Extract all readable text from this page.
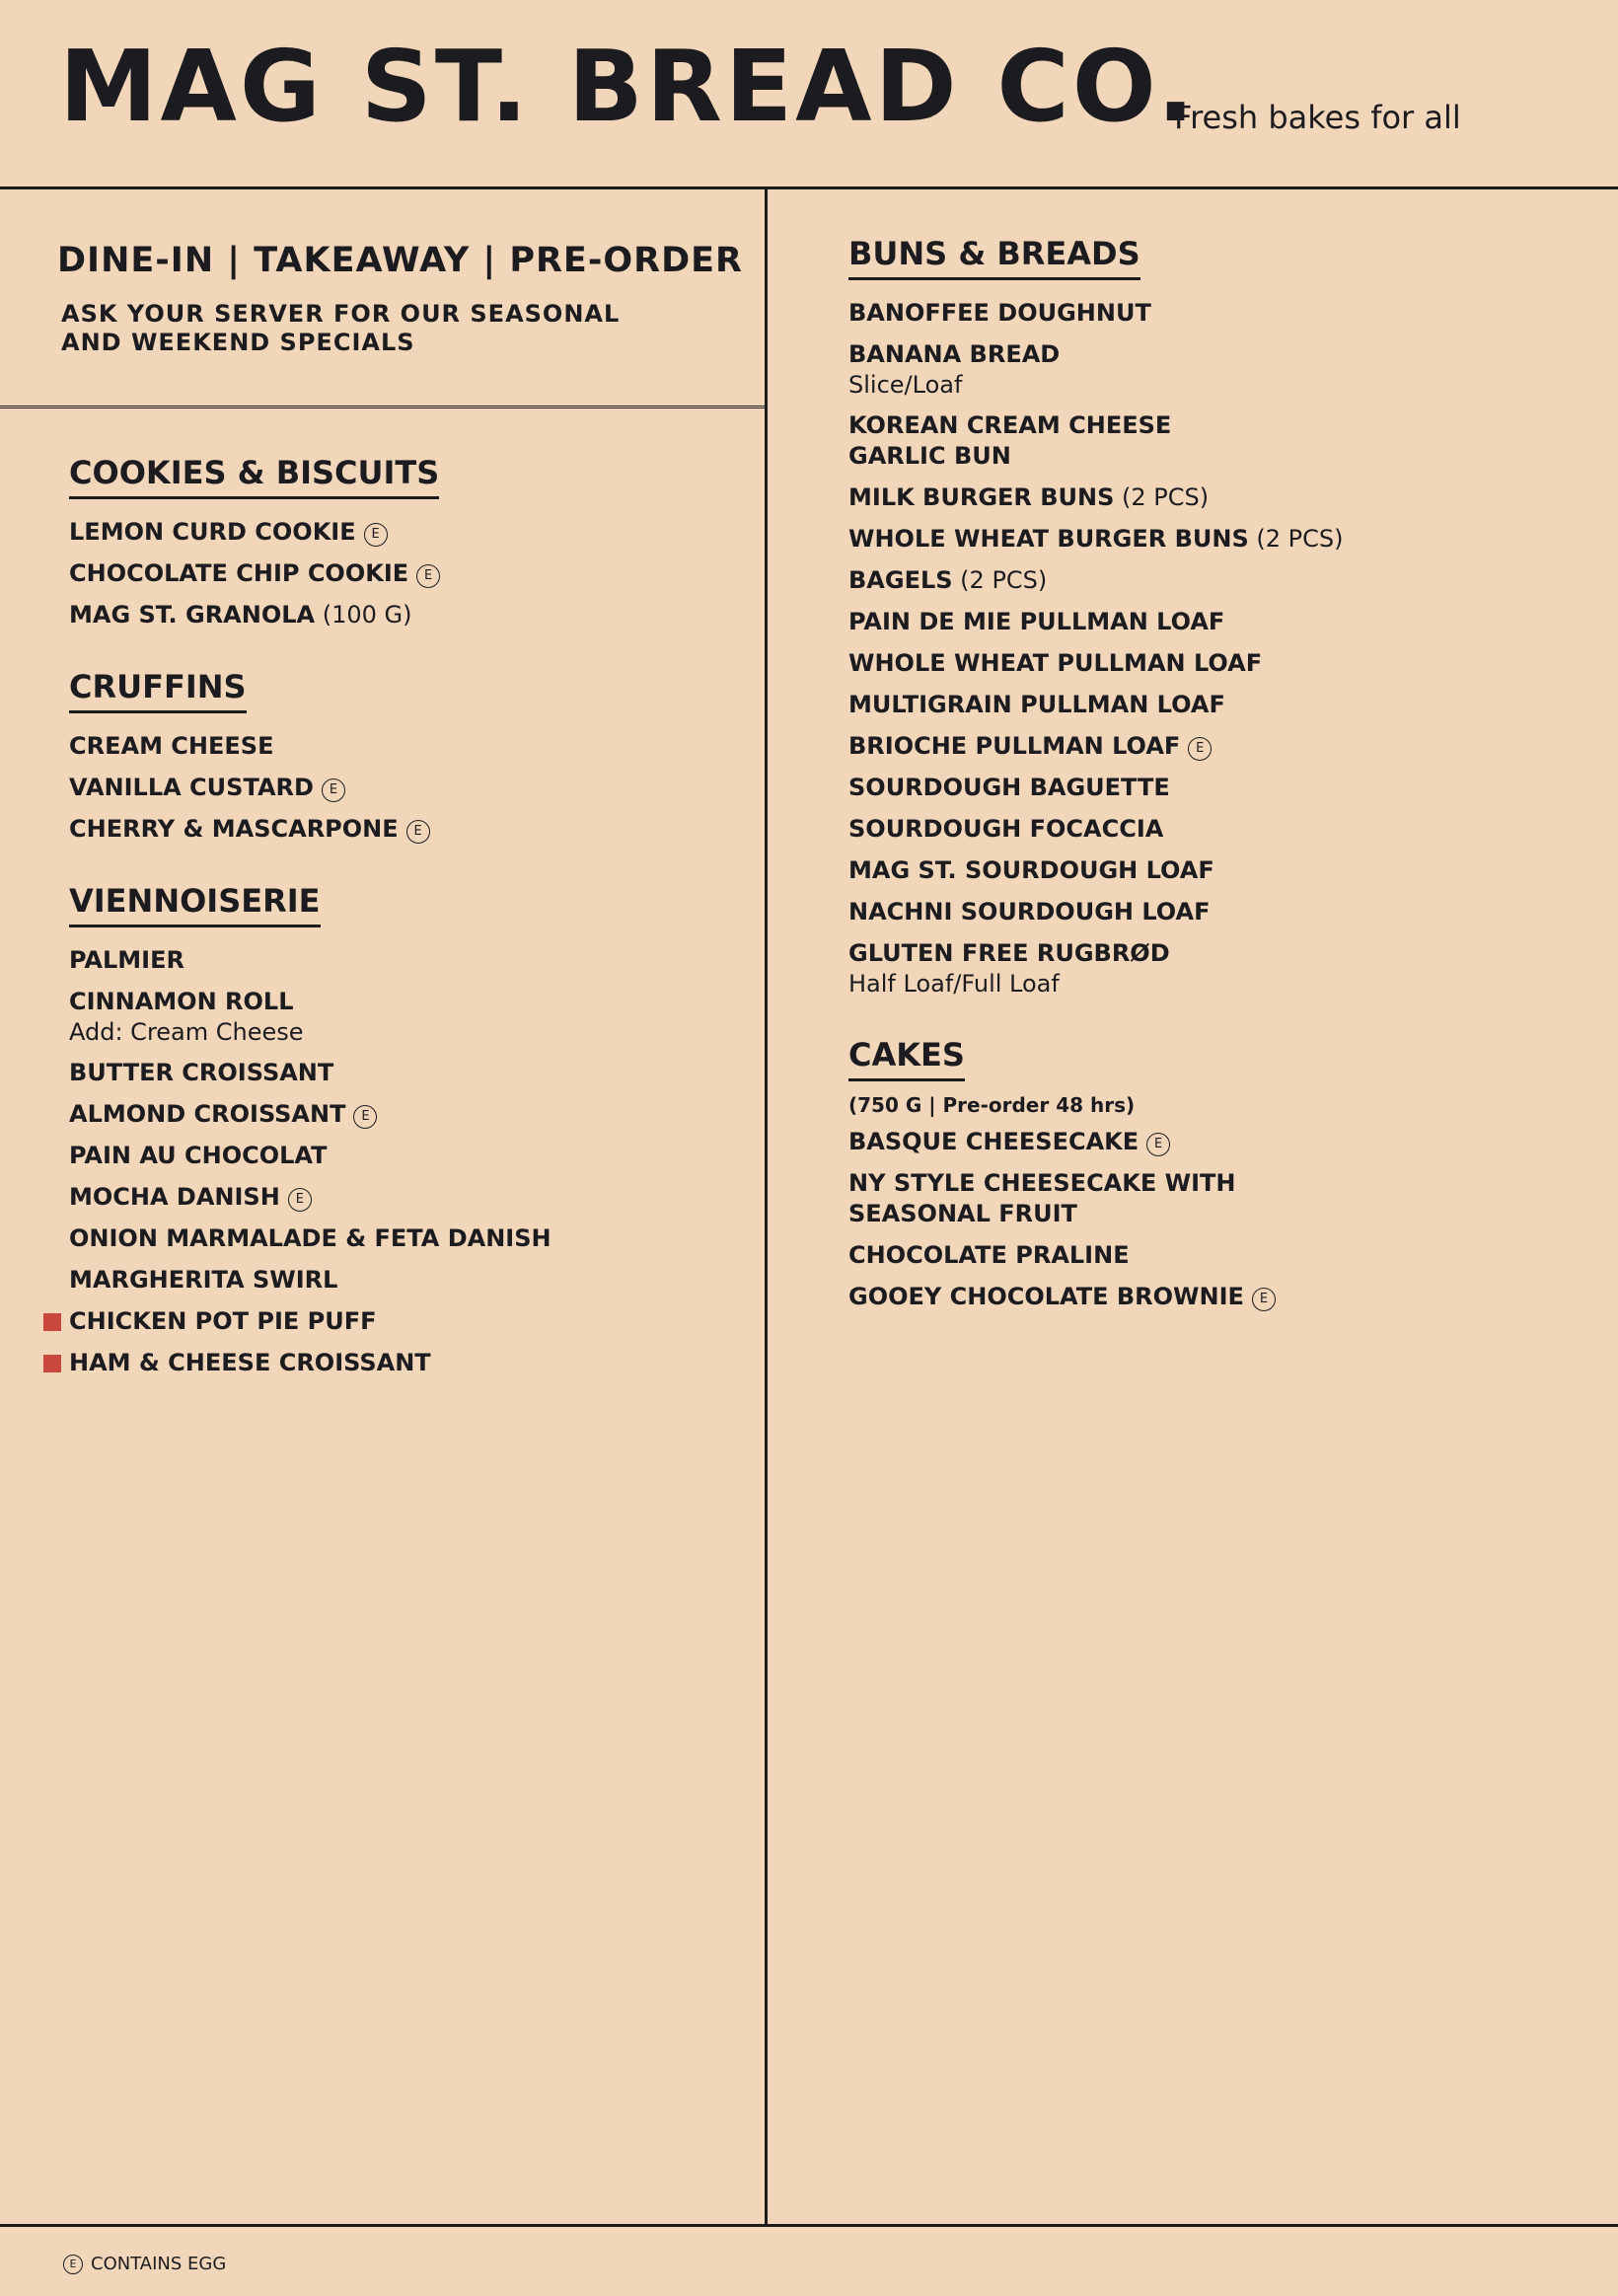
MAG ST. BREAD CO.
Fresh bakes for all
DINE-IN | TAKEAWAY | PRE-ORDER
ASK YOUR SERVER FOR OUR SEASONAL
AND WEEKEND SPECIALS
COOKIES & BISCUITS

LEMON CURD COOKIE E
CHOCOLATE CHIP COOKIE E
MAG ST. GRANOLA (100 G)
CRUFFINS

CREAM CHEESE
VANILLA CUSTARD E
CHERRY & MASCARPONE E
VIENNOISERIE

PALMIER
CINNAMON ROLL
Add: Cream Cheese
BUTTER CROISSANT
ALMOND CROISSANT E
PAIN AU CHOCOLAT
MOCHA DANISH E
ONION MARMALADE & FETA DANISH
MARGHERITA SWIRL
CHICKEN POT PIE PUFF
HAM & CHEESE CROISSANT
BUNS & BREADS

BANOFFEE DOUGHNUT
BANANA BREAD
Slice/Loaf
KOREAN CREAM CHEESE
GARLIC BUN
MILK BURGER BUNS (2 PCS)
WHOLE WHEAT BURGER BUNS (2 PCS)
BAGELS (2 PCS)
PAIN DE MIE PULLMAN LOAF
WHOLE WHEAT PULLMAN LOAF
MULTIGRAIN PULLMAN LOAF
BRIOCHE PULLMAN LOAF E
SOURDOUGH BAGUETTE
SOURDOUGH FOCACCIA
MAG ST. SOURDOUGH LOAF
NACHNI SOURDOUGH LOAF
GLUTEN FREE RUGBRØD
Half Loaf/Full Loaf
CAKES

(750 G | Pre-order 48 hrs)
BASQUE CHEESECAKE E
NY STYLE CHEESECAKE WITH
SEASONAL FRUIT
CHOCOLATE PRALINE
GOOEY CHOCOLATE BROWNIE E
E CONTAINS EGG
